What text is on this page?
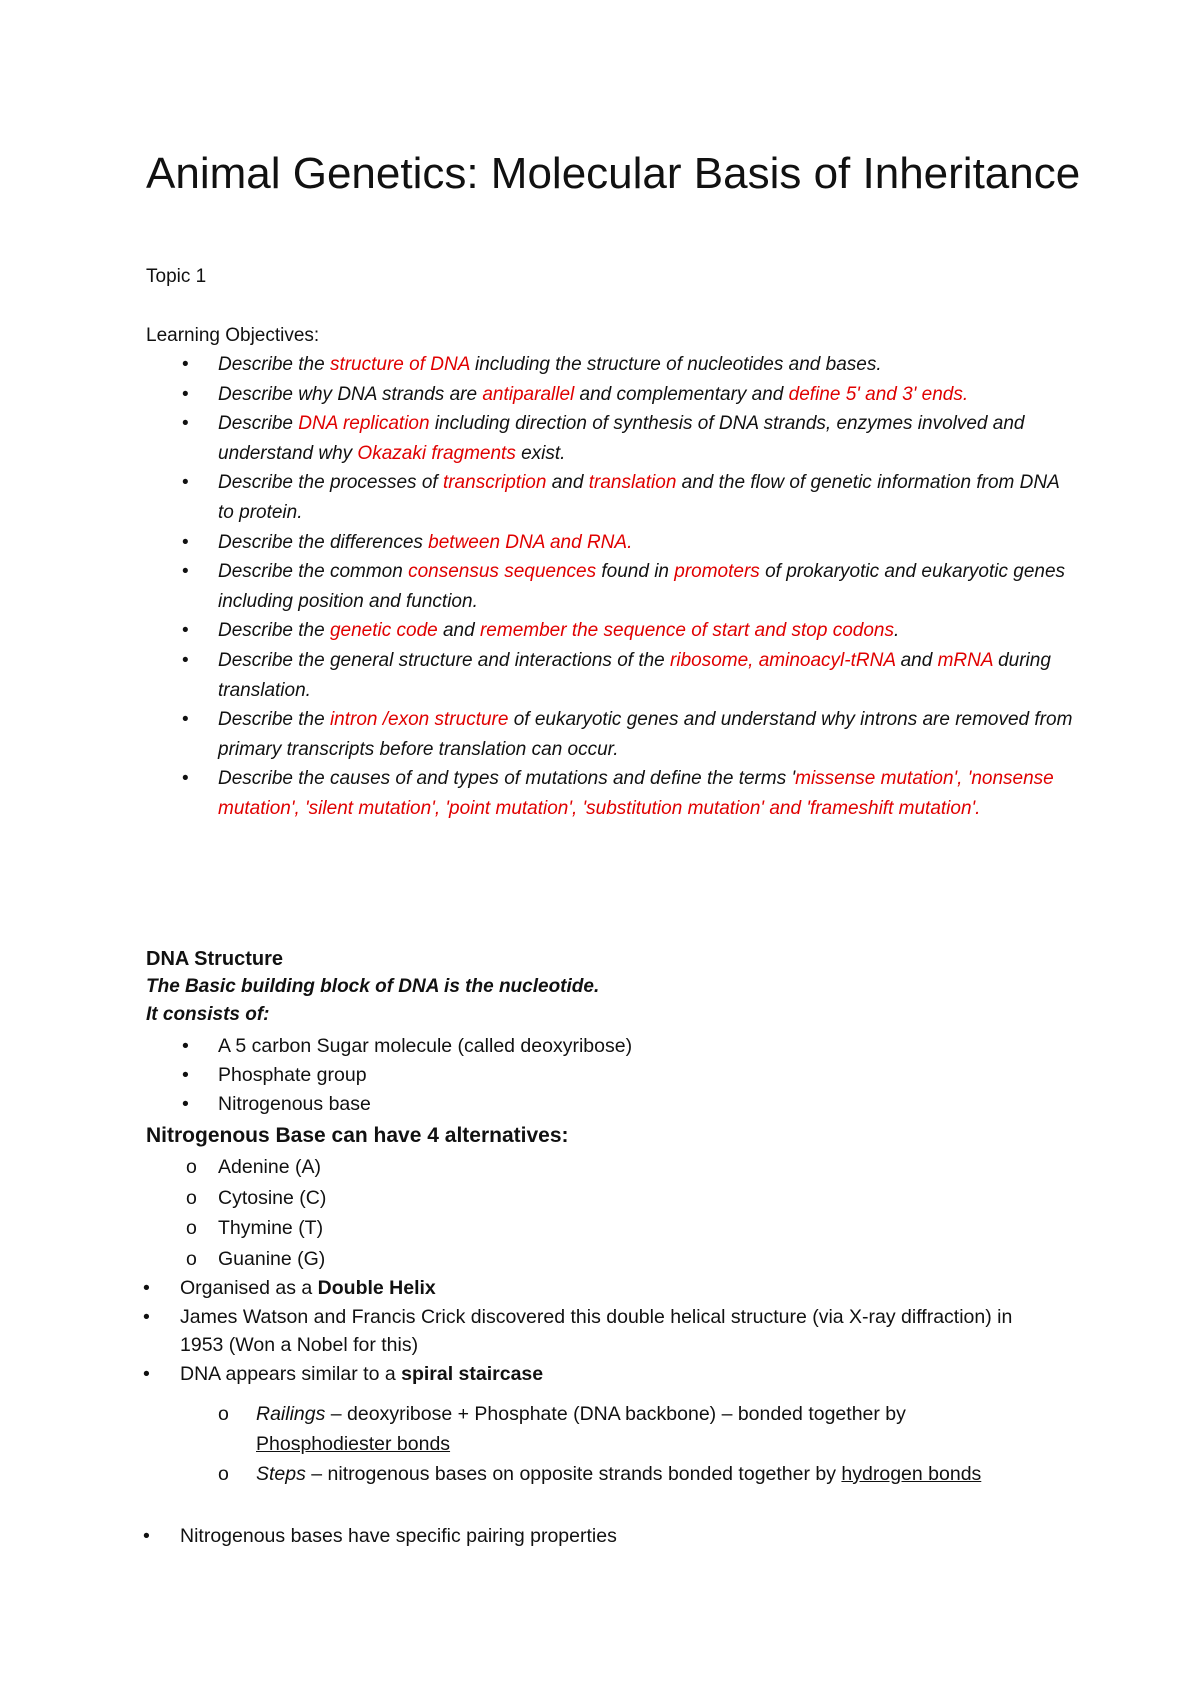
Animal Genetics: Molecular Basis of Inheritance
Topic 1
Learning Objectives:
• Describe the structure of DNA including the structure of nucleotides and bases.
• Describe why DNA strands are antiparallel and complementary and define 5' and 3' ends.
• Describe DNA replication including direction of synthesis of DNA strands, enzymes involved and understand why Okazaki fragments exist.
• Describe the processes of transcription and translation and the flow of genetic information from DNA to protein.
• Describe the differences between DNA and RNA.
• Describe the common consensus sequences found in promoters of prokaryotic and eukaryotic genes including position and function.
• Describe the genetic code and remember the sequence of start and stop codons.
• Describe the general structure and interactions of the ribosome, aminoacyl-tRNA and mRNA during translation.
• Describe the intron /exon structure of eukaryotic genes and understand why introns are removed from primary transcripts before translation can occur.
• Describe the causes of and types of mutations and define the terms 'missense mutation', 'nonsense mutation', 'silent mutation', 'point mutation', 'substitution mutation' and 'frameshift mutation'.
DNA Structure
The Basic building block of DNA is the nucleotide.
It consists of:
• A 5 carbon Sugar molecule (called deoxyribose)
• Phosphate group
• Nitrogenous base
Nitrogenous Base can have 4 alternatives:
o Adenine (A)
o Cytosine (C)
o Thymine (T)
o Guanine (G)
• Organised as a Double Helix
• James Watson and Francis Crick discovered this double helical structure (via X-ray diffraction) in 1953 (Won a Nobel for this)
• DNA appears similar to a spiral staircase
o Railings – deoxyribose + Phosphate (DNA backbone) – bonded together by Phosphodiester bonds
o Steps – nitrogenous bases on opposite strands bonded together by hydrogen bonds
• Nitrogenous bases have specific pairing properties
